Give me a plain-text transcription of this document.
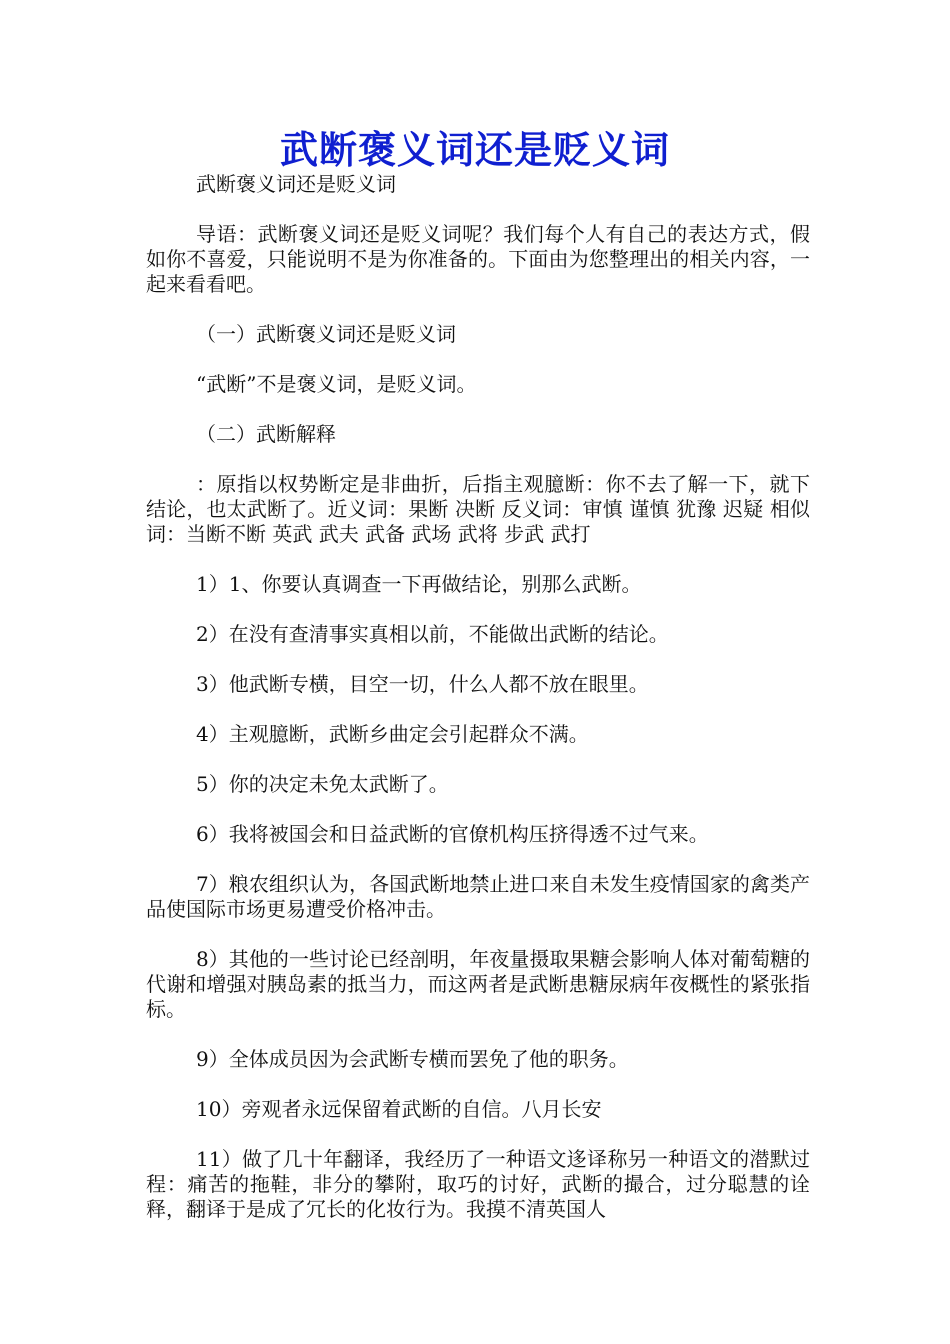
武断褒义词还是贬义词

武断褒义词还是贬义词

导语：武断褒义词还是贬义词呢？我们每个人有自己的表达方式，假如你不喜爱，只能说明不是为你准备的。下面由为您整理出的相关内容，一起来看看吧。

（一）武断褒义词还是贬义词

“武断”不是褒义词，是贬义词。

（二）武断解释

：原指以权势断定是非曲折，后指主观臆断：你不去了解一下，就下结论，也太武断了。近义词：果断 决断 反义词：审慎 谨慎 犹豫 迟疑 相似词：当断不断 英武 武夫 武备 武场 武将 步武 武打

1）1、你要认真调查一下再做结论，别那么武断。

2）在没有查清事实真相以前，不能做出武断的结论。

3）他武断专横，目空一切，什么人都不放在眼里。

4）主观臆断，武断乡曲定会引起群众不满。

5）你的决定未免太武断了。

6）我将被国会和日益武断的官僚机构压挤得透不过气来。

7）粮农组织认为，各国武断地禁止进口来自未发生疫情国家的禽类产品使国际市场更易遭受价格冲击。

8）其他的一些讨论已经剖明，年夜量摄取果糖会影响人体对葡萄糖的代谢和增强对胰岛素的抵当力，而这两者是武断患糖尿病年夜概性的紧张指标。

9）全体成员因为会武断专横而罢免了他的职务。

10）旁观者永远保留着武断的自信。八月长安

11）做了几十年翻译，我经历了一种语文迻译称另一种语文的潜默过程：痛苦的拖鞋，非分的攀附，取巧的讨好，武断的撮合，过分聪慧的诠释，翻译于是成了冗长的化妆行为。我摸不清英国人
